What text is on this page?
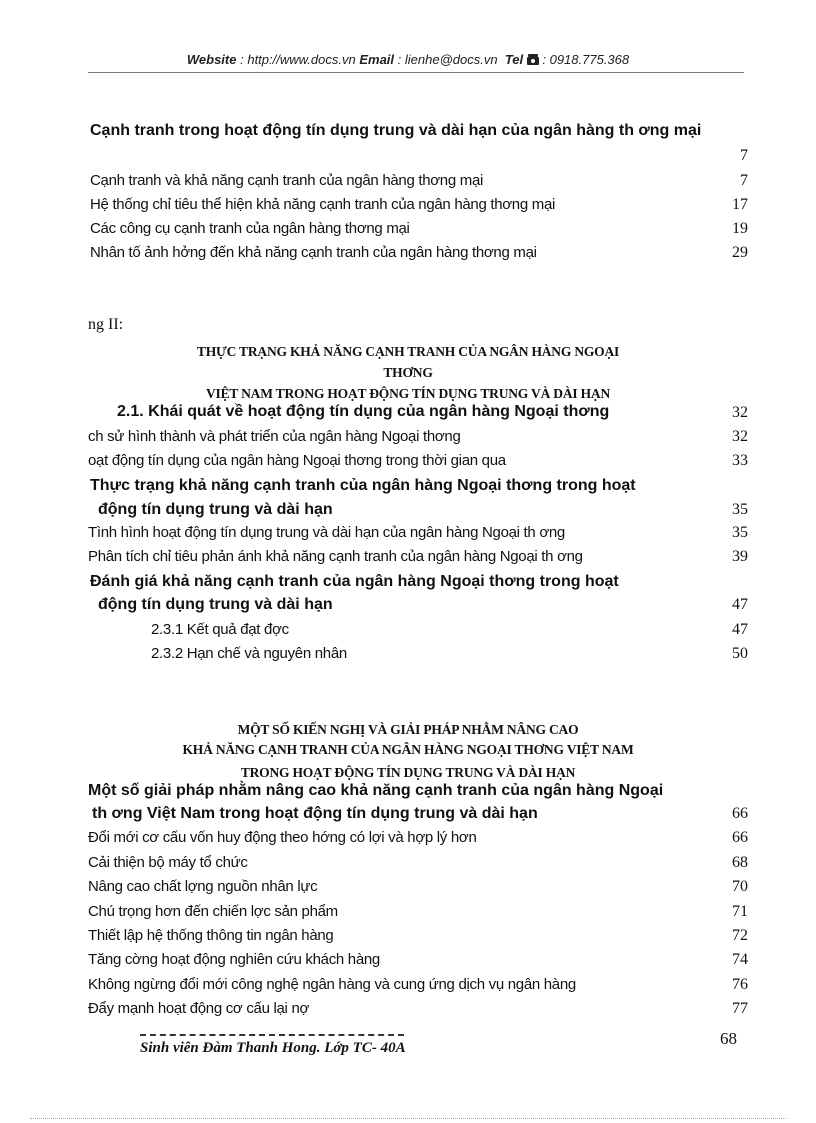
Website : http://www.docs.vn Email : lienhe@docs.vn Tel : 0918.775.368
Cạnh tranh trong hoạt động tín dụng trung và dài hạn của ngân hàng th ơng mại
7
Cạnh tranh và khả năng cạnh tranh của ngân hàng thơng mại	7
Hệ thống chỉ tiêu thể hiện khả năng cạnh tranh của ngân hàng thơng mại	17
Các công cụ cạnh tranh của ngân hàng thơng mại	19
Nhân tố ảnh hởng đến khả năng cạnh tranh của ngân hàng thơng mại	29
ng II:
THỰC TRẠNG KHẢ NĂNG CẠNH TRANH CỦA NGÂN HÀNG NGOẠI
THƠNG
VIỆT NAM TRONG HOẠT ĐỘNG TÍN DỤNG TRUNG VÀ DÀI HẠN
2.1. Khái quát về hoạt động tín dụng của ngân hàng Ngoại thơng	32
ch sử hình thành và phát triển của ngân hàng Ngoại thơng	32
oạt động tín dụng của ngân hàng Ngoại thơng trong thời gian qua	33
Thực trạng khả năng cạnh tranh của ngân hàng Ngoại thơng trong hoạt
động tín dụng trung và dài hạn	35
Tình hình hoạt động tín dụng trung và dài hạn của ngân hàng Ngoại th ơng	35
Phân tích chỉ tiêu phản ánh khả năng cạnh tranh của ngân hàng Ngoại th ơng	39
Đánh giá khả năng cạnh tranh của ngân hàng Ngoại thơng trong hoạt
động tín dụng trung và dài hạn	47
2.3.1 Kết quả đạt đợc	47
2.3.2 Hạn chế và nguyên nhân	50
MỘT SỐ KIẾN NGHỊ VÀ GIẢI PHÁP NHẰM NÂNG CAO
KHẢ NĂNG CẠNH TRANH CỦA NGÂN HÀNG NGOẠI THƠNG VIỆT NAM
TRONG HOẠT ĐỘNG TÍN DỤNG TRUNG VÀ DÀI HẠN
Một số giải pháp nhằm nâng cao khả năng cạnh tranh của ngân hàng Ngoại
th ơng Việt Nam trong hoạt động tín dụng trung và dài hạn	66
Đổi mới cơ cấu vốn huy động theo hớng có lợi và hợp lý hơn	66
Cải thiện bộ máy tổ chức	68
Nâng cao chất lợng nguồn nhân lực	70
Chú trọng hơn đến chiến lợc sản phẩm	71
Thiết lập hệ thống thông tin ngân hàng	72
Tăng cờng hoạt động nghiên cứu khách hàng	74
Không ngừng đổi mới công nghệ ngân hàng và cung ứng dịch vụ ngân hàng	76
Đẩy mạnh hoạt động cơ cấu lại nợ	77
Sinh viên Đàm Thanh Hong. Lớp TC- 40A	68
